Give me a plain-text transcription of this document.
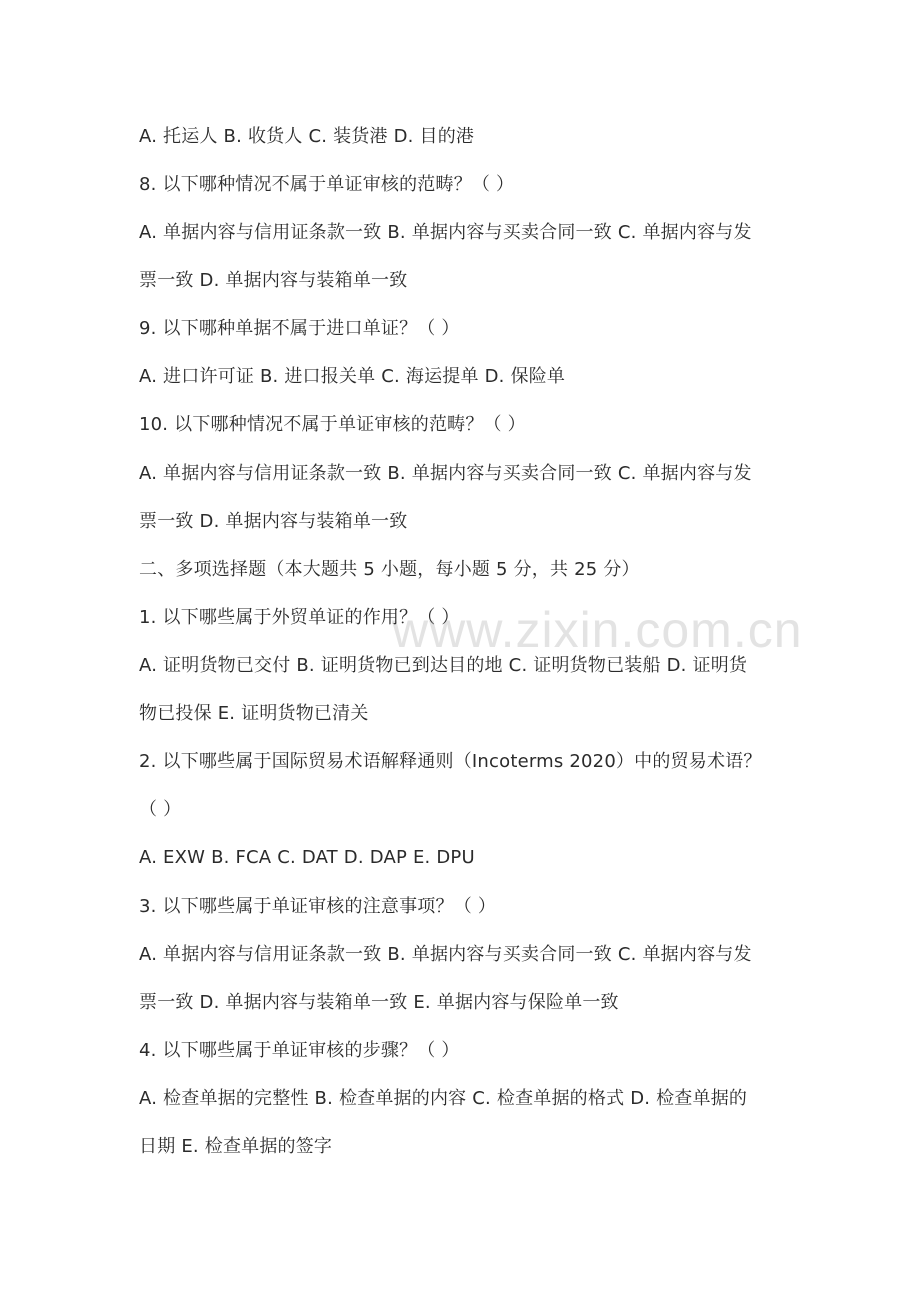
www.zixin.com.cn
A. 托运人 B. 收货人 C. 装货港 D. 目的港
8. 以下哪种情况不属于单证审核的范畴？（ ）
A. 单据内容与信用证条款一致 B. 单据内容与买卖合同一致 C. 单据内容与发
票一致 D. 单据内容与装箱单一致
9. 以下哪种单据不属于进口单证？（ ）
A. 进口许可证 B. 进口报关单 C. 海运提单 D. 保险单
10. 以下哪种情况不属于单证审核的范畴？（ ）
A. 单据内容与信用证条款一致 B. 单据内容与买卖合同一致 C. 单据内容与发
票一致 D. 单据内容与装箱单一致
二、多项选择题（本大题共 5 小题，每小题 5 分，共 25 分）
1. 以下哪些属于外贸单证的作用？（ ）
A. 证明货物已交付 B. 证明货物已到达目的地 C. 证明货物已装船 D. 证明货
物已投保 E. 证明货物已清关
2. 以下哪些属于国际贸易术语解释通则（Incoterms 2020）中的贸易术语？
（ ）
A. EXW B. FCA C. DAT D. DAP E. DPU
3. 以下哪些属于单证审核的注意事项？（ ）
A. 单据内容与信用证条款一致 B. 单据内容与买卖合同一致 C. 单据内容与发
票一致 D. 单据内容与装箱单一致 E. 单据内容与保险单一致
4. 以下哪些属于单证审核的步骤？（ ）
A. 检查单据的完整性 B. 检查单据的内容 C. 检查单据的格式 D. 检查单据的
日期 E. 检查单据的签字
